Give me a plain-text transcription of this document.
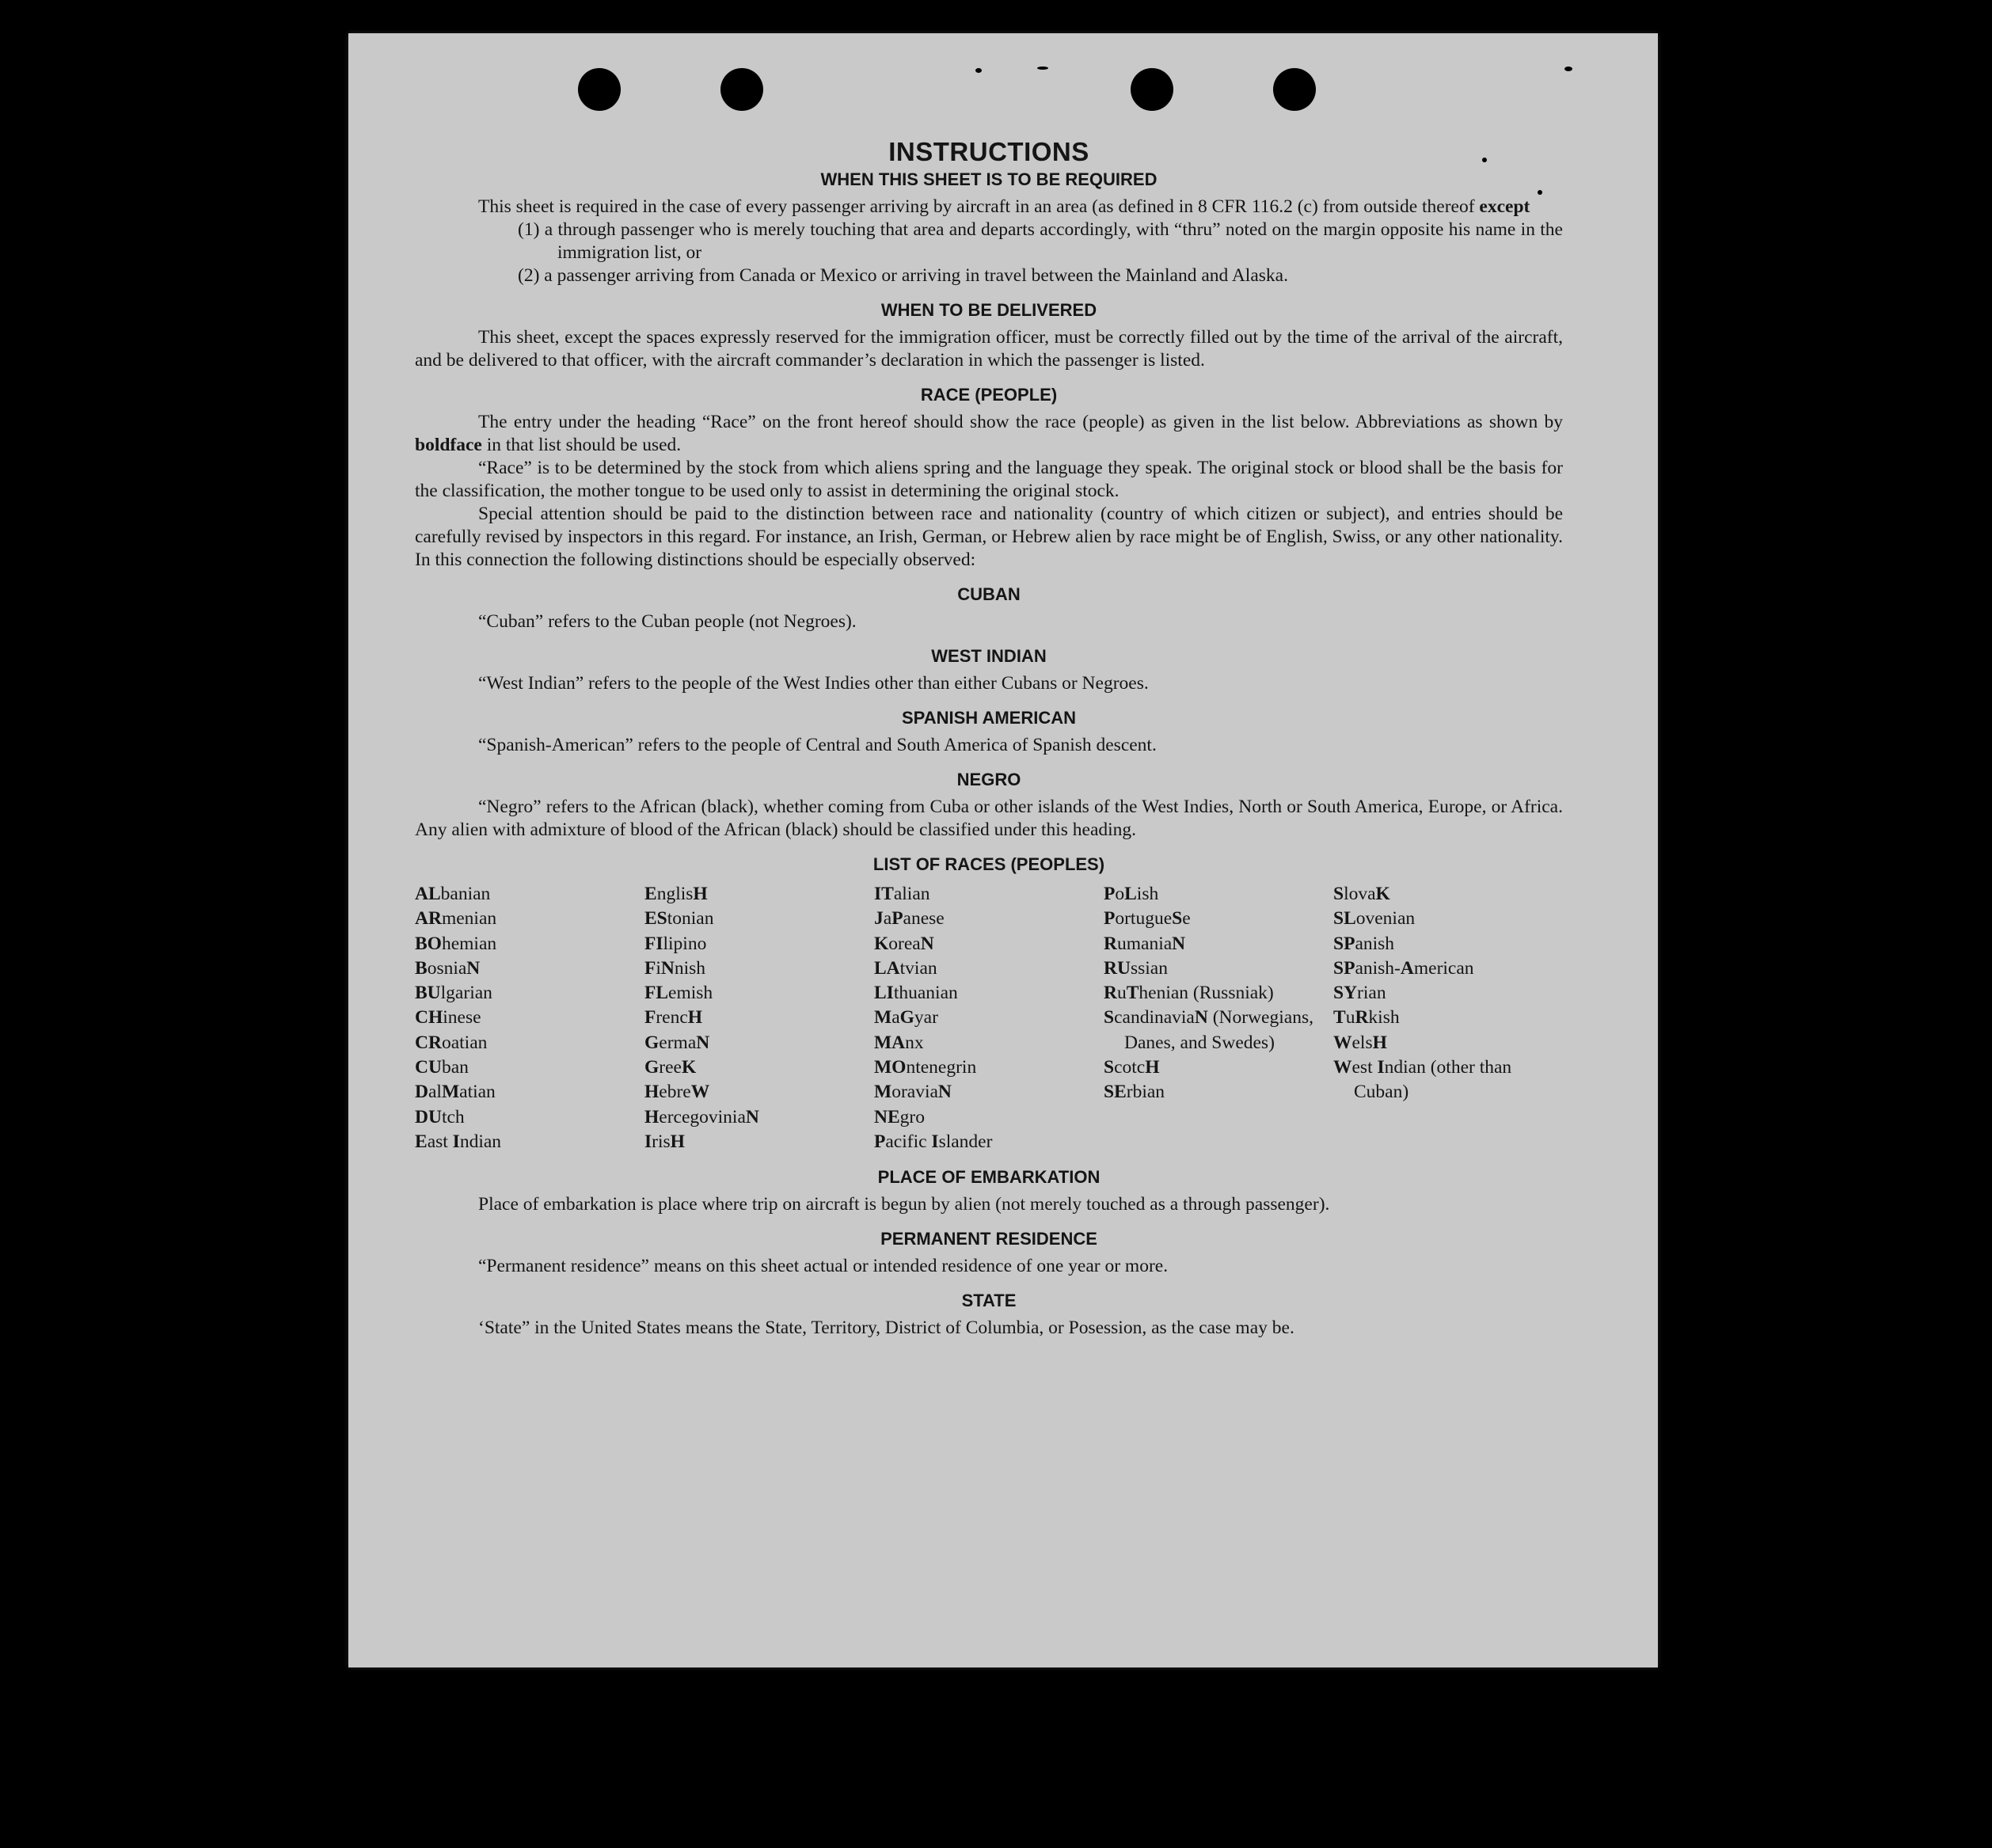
INSTRUCTIONS
WHEN THIS SHEET IS TO BE REQUIRED

This sheet is required in the case of every passenger arriving by aircraft in an area (as defined in 8 CFR 116.2 (c) from outside thereof except

(1) a through passenger who is merely touching that area and departs accordingly, with “thru” noted on the margin opposite his name in the immigration list, or

(2) a passenger arriving from Canada or Mexico or arriving in travel between the Mainland and Alaska.

WHEN TO BE DELIVERED

This sheet, except the spaces expressly reserved for the immigration officer, must be correctly filled out by the time of the arrival of the aircraft, and be delivered to that officer, with the aircraft commander’s declaration in which the passenger is listed.

RACE (PEOPLE)

The entry under the heading “Race” on the front hereof should show the race (people) as given in the list below. Abbreviations as shown by boldface in that list should be used.

“Race” is to be determined by the stock from which aliens spring and the language they speak. The original stock or blood shall be the basis for the classification, the mother tongue to be used only to assist in determining the original stock.

Special attention should be paid to the distinction between race and nationality (country of which citizen or subject), and entries should be carefully revised by inspectors in this regard. For instance, an Irish, German, or Hebrew alien by race might be of English, Swiss, or any other nationality. In this connection the following distinctions should be especially observed:

CUBAN

“Cuban” refers to the Cuban people (not Negroes).

WEST INDIAN

“West Indian” refers to the people of the West Indies other than either Cubans or Negroes.

SPANISH AMERICAN

“Spanish-American” refers to the people of Central and South America of Spanish descent.

NEGRO

“Negro” refers to the African (black), whether coming from Cuba or other islands of the West Indies, North or South America, Europe, or Africa. Any alien with admixture of blood of the African (black) should be classified under this heading.

LIST OF RACES (PEOPLES)
ALbanian
ARmenian
BOhemian
BosniaN
BUlgarian
CHinese
CRoatian
CUban
DalMatian
DUtch
East Indian
EnglisH
EStonian
FIlipino
FiNnish
FLemish
FrencH
GermaN
GreeK
HebreW
HercegoviniaN
IrisH
ITalian
JaPanese
KoreaN
LAtvian
LIthuanian
MaGyar
MAnx
MOntenegrin
MoraviaN
NEgro
Pacific Islander
PoLish
PortugueSe
RumaniaN
RUssian
RuThenian (Russniak)
ScandinaviaN (Norwegians, Danes, and Swedes)
ScotcH
SErbian
SlovaK
SLovenian
SPanish
SPanish-American
SYrian
TuRkish
WelsH
West Indian (other than Cuban)
PLACE OF EMBARKATION

Place of embarkation is place where trip on aircraft is begun by alien (not merely touched as a through passenger).

PERMANENT RESIDENCE

“Permanent residence” means on this sheet actual or intended residence of one year or more.

STATE

‘State” in the United States means the State, Territory, District of Columbia, or Posession, as the case may be.
